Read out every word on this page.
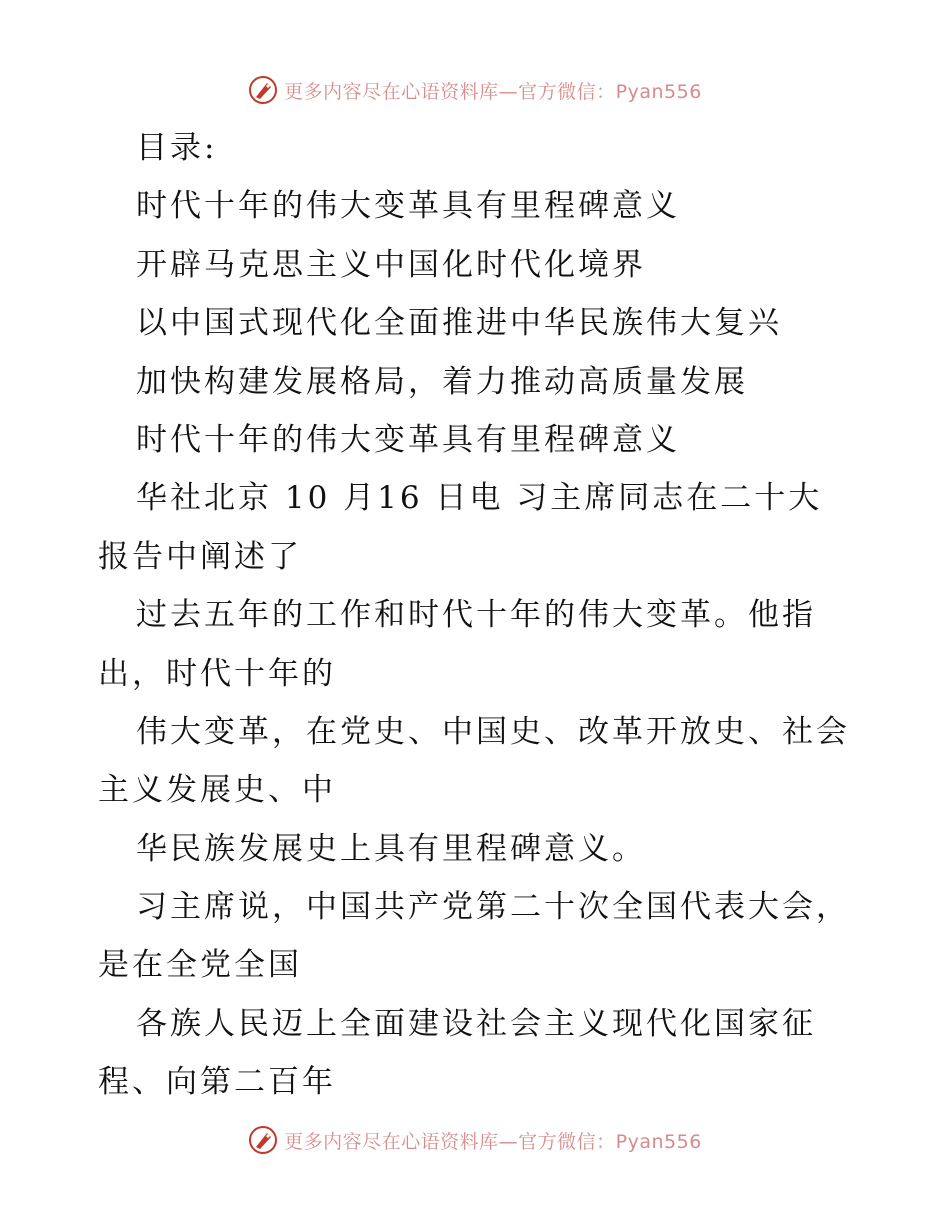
更多内容尽在心语资料库—官方微信：Pyan556
目录:
时代十年的伟大变革具有里程碑意义
开辟马克思主义中国化时代化境界
以中国式现代化全面推进中华民族伟大复兴
加快构建发展格局，着力推动高质量发展
时代十年的伟大变革具有里程碑意义
华社北京 10 月16 日电 习主席同志在二十大
报告中阐述了
过去五年的工作和时代十年的伟大变革。他指
出，时代十年的
伟大变革，在党史、中国史、改革开放史、社会
主义发展史、中
华民族发展史上具有里程碑意义。
习主席说，中国共产党第二十次全国代表大会，
是在全党全国
各族人民迈上全面建设社会主义现代化国家征
程、向第二百年
更多内容尽在心语资料库—官方微信：Pyan556
